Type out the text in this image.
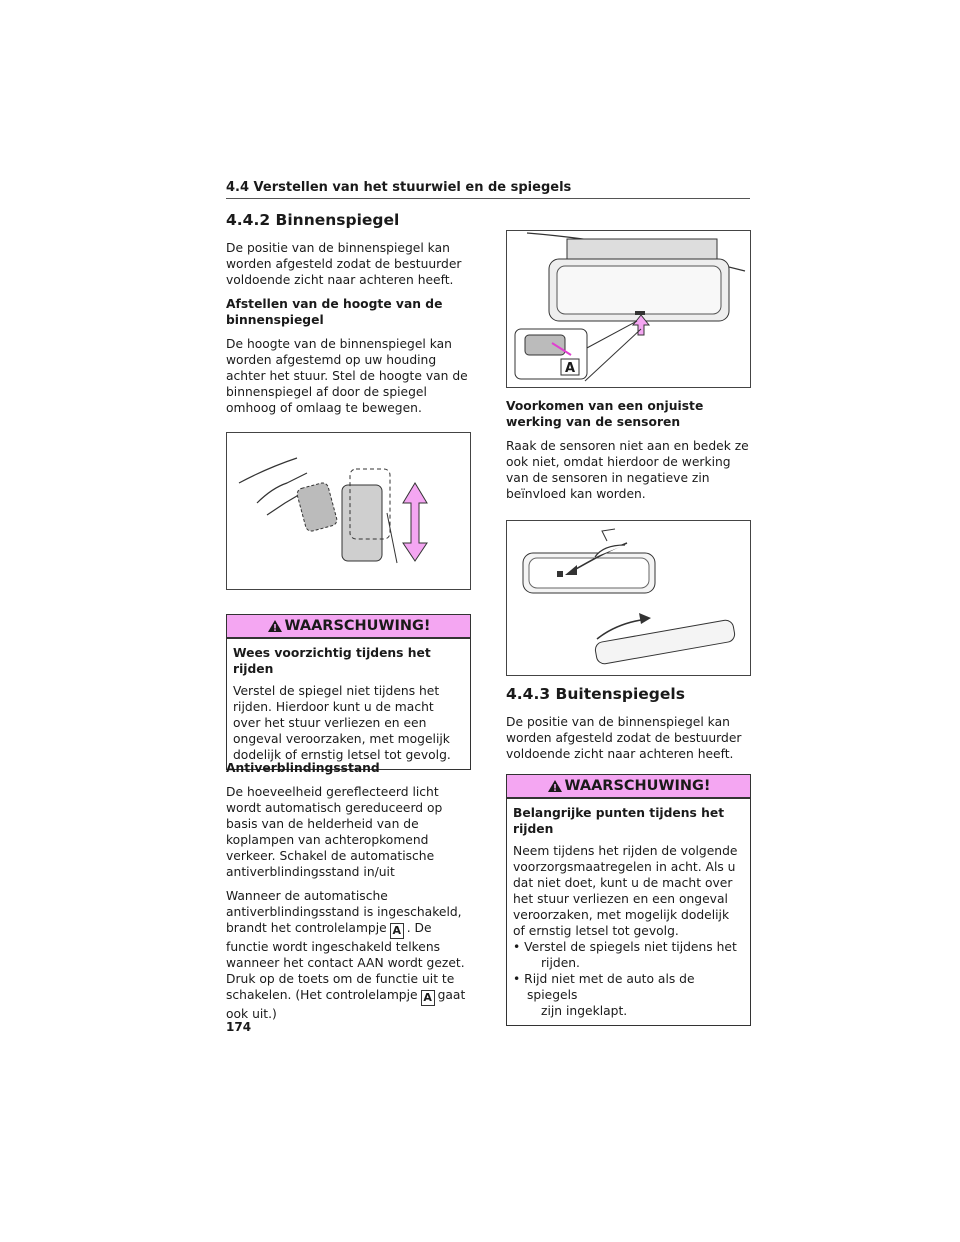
4.4 Verstellen van het stuurwiel en de spiegels
4.4.2 Binnenspiegel

De positie van de binnenspiegel kan worden afgesteld zodat de bestuurder voldoende zicht naar achteren heeft.

Afstellen van de hoogte van de binnenspiegel

De hoogte van de binnenspiegel kan worden afgestemd op uw houding achter het stuur. Stel de hoogte van de binnenspiegel af door de spiegel omhoog of omlaag te bewegen.

WAARSCHUWING!
Wees voorzichtig tijdens het rijden
Verstel de spiegel niet tijdens het rijden. Hierdoor kunt u de macht over het stuur verliezen en een ongeval veroorzaken, met mogelijk dodelijk of ernstig letsel tot gevolg.

Antiverblindingsstand

De hoeveelheid gereflecteerd licht wordt automatisch gereduceerd op basis van de helderheid van de koplampen van achteropkomend verkeer. Schakel de automatische antiverblindingsstand in/uit

Wanneer de automatische antiverblindingsstand is ingeschakeld, brandt het controlelampje A . De functie wordt ingeschakeld telkens wanneer het contact AAN wordt gezet. Druk op de toets om de functie uit te schakelen. (Het controlelampje A gaat ook uit.)

A

Voorkomen van een onjuiste werking van de sensoren

Raak de sensoren niet aan en bedek ze ook niet, omdat hierdoor de werking van de sensoren in negatieve zin beïnvloed kan worden.

4.4.3 Buitenspiegels

De positie van de binnenspiegel kan worden afgesteld zodat de bestuurder voldoende zicht naar achteren heeft.

WAARSCHUWING!
Belangrijke punten tijdens het rijden
Neem tijdens het rijden de volgende voorzorgsmaatregelen in acht. Als u dat niet doet, kunt u de macht over het stuur verliezen en een ongeval veroorzaken, met mogelijk dodelijk of ernstig letsel tot gevolg.
• Verstel de spiegels niet tijdens het
rijden.
• Rijd niet met de auto als de spiegels
zijn ingeklapt.
174
